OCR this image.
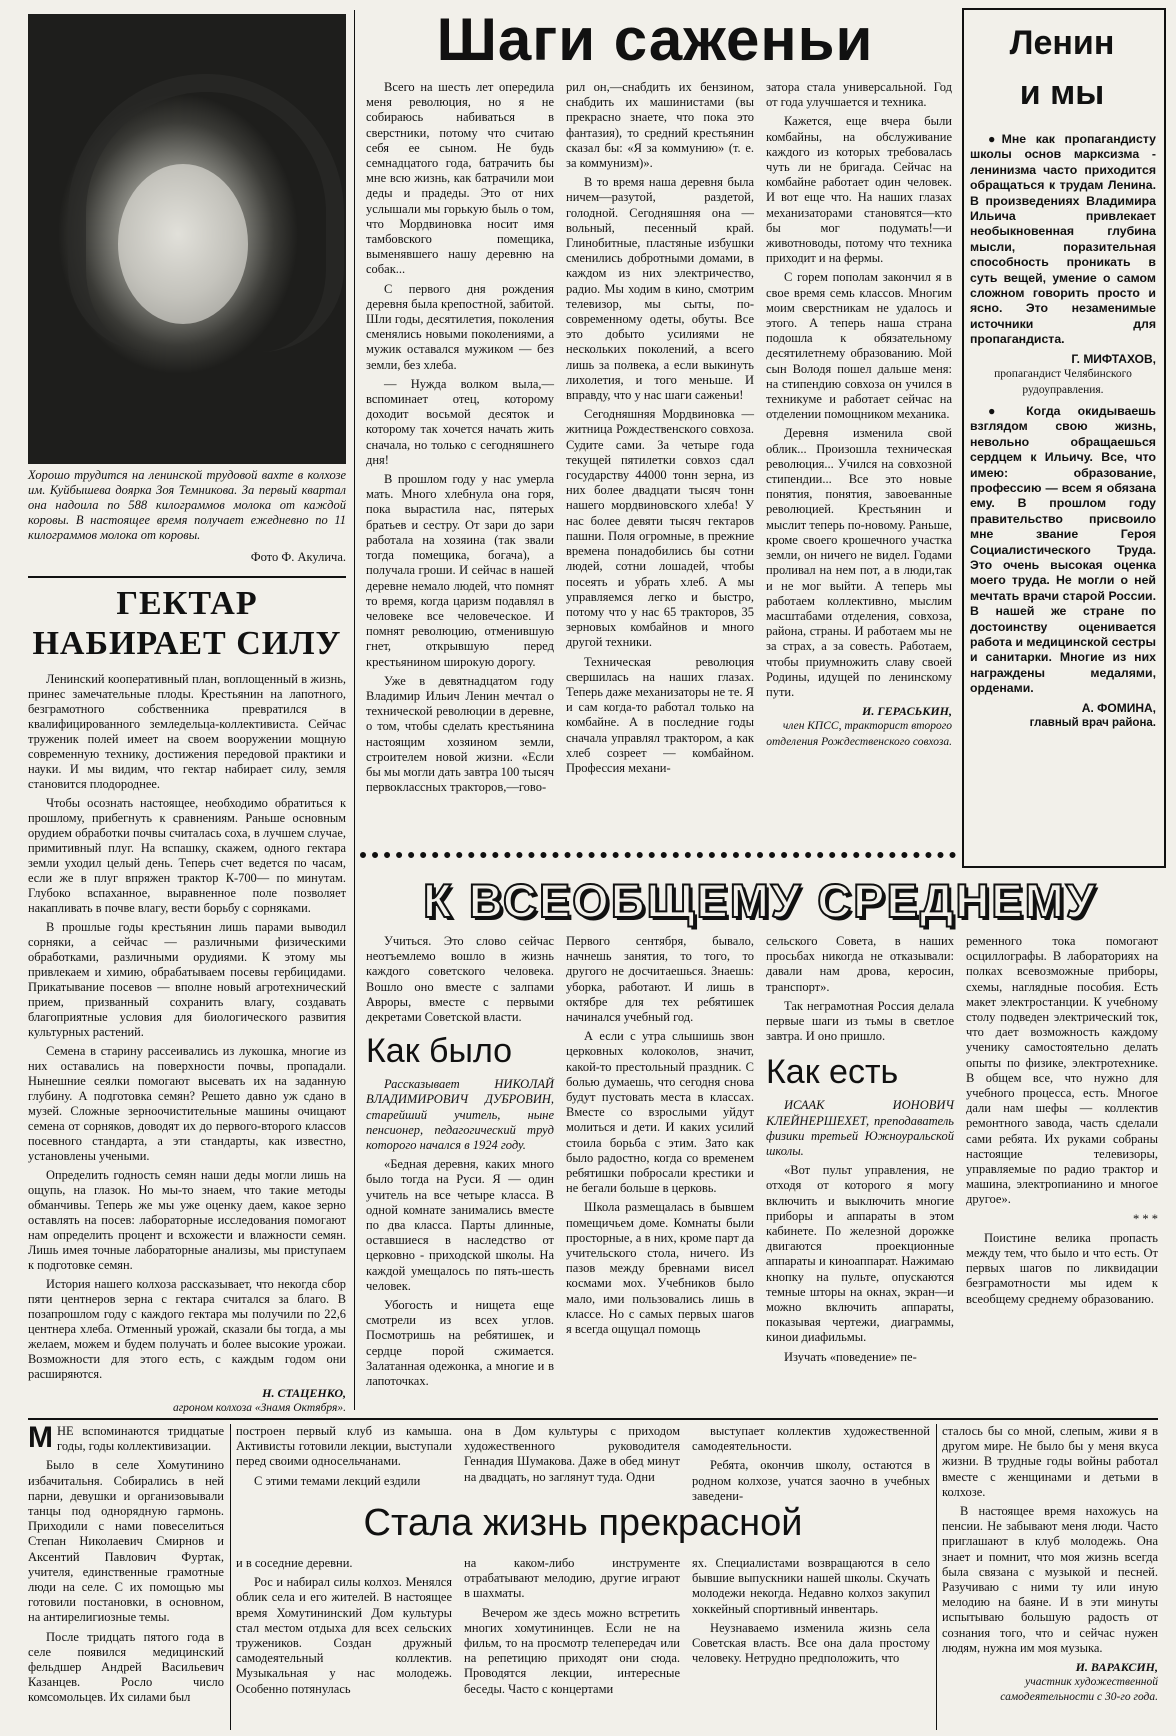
Хорошо трудится на ленинской трудовой вахте в колхозе им. Куйбышева доярка Зоя Темникова. За первый квартал она надоила по 588 килограммов молока от каждой коровы. В настоящее время получает ежедневно по 11 килограммов молока от коровы.
Фото Ф. Акулича.
Шаги саженьи

Всего на шесть лет опередила меня революция, но я не собираюсь набиваться в сверстники, потому что считаю себя ее сыном. Не будь семнадцатого года, батрачить бы мне всю жизнь, как батрачили мои деды и прадеды. Это от них услышали мы горькую быль о том, что Мордвиновка носит имя тамбовского помещика, выменявшего нашу деревню на собак...

С первого дня рождения деревня была крепостной, забитой. Шли годы, десятилетия, поколения сменялись новыми поколениями, а мужик оставался мужиком — без земли, без хлеба.

— Нужда волком выла,— вспоминает отец, которому доходит восьмой десяток и которому так хочется начать жить сначала, но только с сегодняшнего дня!

В прошлом году у нас умерла мать. Много хлебнула она горя, пока выраcтила нас, пятерых братьев и сестру. От зари до зари работала на хозяина (так звали тогда помещика, богача), а получала гроши. И сейчас в нашей деревне немало людей, что помнят то время, когда царизм подавлял в человеке все человеческое. И помнят революцию, отменившую гнет, открывшую перед крестьянином широкую дорогу.

Уже в девятнадцатом году Владимир Ильич Ленин мечтал о технической революции в деревне, о том, чтобы сделать крестьянина настоящим хозяином земли, строителем новой жизни. «Если бы мы могли дать завтра 100 тысяч первоклассных тракторов,—гово-

рил он,—снабдить их бензином, снабдить их машинистами (вы прекрасно знаете, что пока это фантазия), то средний крестьянин сказал бы: «Я за коммунию» (т. е. за коммунизм)».

В то время наша деревня была ничем—разутой, раздетой, голодной. Сегодняшняя она — вольный, песенный край. Глинобитные, пластяные избушки сменились добротными домами, в каждом из них электричество, радио. Мы ходим в кино, смотрим телевизор, мы сыты, по-современному одеты, обуты. Все это добыто усилиями не нескольких поколений, а всего лишь за полвека, а если выкинуть лихолетия, и того меньше. И вправду, что у нас шаги саженьи!

Сегодняшняя Мордвиновка — житница Рождественского совхоза. Судите сами. За четыре года текущей пятилетки совхоз сдал государству 44000 тонн зерна, из них более двадцати тысяч тонн нашего мордвиновского хлеба! У нас более девяти тысяч гектаров пашни. Поля огромные, в прежние времена понадобились бы сотни людей, сотни лошадей, чтобы посеять и убрать хлеб. А мы управляемся легко и быстро, потому что у нас 65 тракторов, 35 зерновых комбайнов и много другой техники.

Техническая революция свершилась на наших глазах. Теперь даже механизаторы не те. Я и сам когда-то работал только на комбайне. А в последние годы сначала управлял трактором, а как хлеб созреет — комбайном. Профессия механи-

затора стала универсальной. Год от года улучшается и техника.

Кажется, еще вчера были комбайны, на обслуживание каждого из которых требовалась чуть ли не бригада. Сейчас на комбайне работает один человек. И вот еще что. На наших глазах механизаторами становятся—кто бы мог подумать!—и животноводы, потому что техника приходит и на фермы.

С горем пополам закончил я в свое время семь классов. Многим моим сверстникам не удалось и этого. А теперь наша страна подошла к обязательному десятилетнему образованию. Мой сын Володя пошел дальше меня: на стипендию совхоза он учился в техникуме и работает сейчас на отделении помощником механика.

Деревня изменила свой облик... Произошла техническая революция... Учился на совхозной стипендии... Все это новые понятия, понятия, завоеванные революцией. Крестьянин и мыслит теперь по-новому. Раньше, кроме своего крошечного участка земли, он ничего не видел. Годами проливал на нем пот, а в люди,так и не мог выйти. А теперь мы работаем коллективно, мыслим масштабами отделения, совхоза, района, страны. И работаем мы не за страх, а за совесть. Работаем, чтобы приумножить славу своей Родины, идущей по ленинскому пути.

И. ГЕРАСЬКИН,
член КПСС, тракторист второго отделения Рождественского совхоза.
Ленин
и мы

●Мне как пропагандисту школы основ марксизма - ленинизма часто приходится обращаться к трудам Ленина. В произведениях Владимира Ильича привлекает необыкновенная глубина мысли, поразительная способность проникать в суть вещей, умение о самом сложном говорить просто и ясно. Это незаменимые источники для пропагандиста.

Г. МИФТАХОВ,
пропагандист Челябинского рудоуправления.

● Когда окидываешь взглядом свою жизнь, невольно обращаешься сердцем к Ильичу. Все, что имею: образование, профессию — всем я обязана ему. В прошлом году правительство присвоило мне звание Героя Социалистического Труда. Это очень высокая оценка моего труда. Не могли о ней мечтать врачи старой России. В нашей же стране по достоинству оценивается работа и медицинской сестры и санитарки. Многие из них награждены медалями, орденами.

А. ФОМИНА,
главный врач района.
ГЕКТАР
НАБИРАЕТ СИЛУ

Ленинский кооперативный план, воплощенный в жизнь, принес замечательные плоды. Крестьянин на лапотного, безграмотного собственника превратился в квалифицированного земледельца-коллективиста. Сейчас труженик полей имеет на своем вооружении мощную современную технику, достижения передовой практики и науки. И мы видим, что гектар набирает силу, земля становится плодороднее.

Чтобы осознать настоящее, необходимо обратиться к прошлому, прибегнуть к сравнениям. Раньше основным орудием обработки почвы считалась соха, в лучшем случае, примитивный плуг. На вспашку, скажем, одного гектара земли уходил целый день. Теперь счет ведется по часам, если же в плуг впряжен трактор К-700— по минутам. Глубоко вспаханное, выравненное поле позволяет накапливать в почве влагу, вести борьбу с сорняками.

В прошлые годы крестьянин лишь парами выводил сорняки, а сейчас — различными физическими обработками, различными орудиями. К этому мы привлекаем и химию, обрабатываем посевы гербицидами. Прикатывание посевов — вполне новый агротехнический прием, призванный сохранить влагу, создавать благоприятные условия для биологического развития культурных растений.

Семена в старину рассеивались из лукошка, многие из них оставались на поверхности почвы, пропадали. Нынешние сеялки помогают высевать их на заданную глубину. А подготовка семян? Решето давно уж сдано в музей. Сложные зерноочистительные машины очищают семена от сорняков, доводят их до первого-второго классов посевного стандарта, а эти стандарты, как известно, установлены учеными.

Определить годность семян наши деды могли лишь на ощупь, на глазок. Но мы-то знаем, что такие методы обманчивы. Теперь же мы уже оценку даем, какое зерно оставлять на посев: лабораторные исследования помогают нам определить процент и всхожести и влажности семян. Лишь имея точные лабораторные анализы, мы приступаем к подготовке семян.

История нашего колхоза рассказывает, что некогда сбор пяти центнеров зерна с гектара считался за благо. В позапрошлом году с каждого гектара мы получили по 22,6 центнера хлеба. Отменный урожай, сказали бы тогда, а мы желаем, можем и будем получать и более высокие урожаи. Возможности для этого есть, с каждым годом они расширяются.

Н. СТАЦЕНКО,
агроном колхоза «Знамя Октября».
К ВСЕОБЩЕМУ СРЕДНЕМУ

Учиться. Это слово сейчас неотъемлемо вошло в жизнь каждого советского человека. Вошло оно вместе с залпами Авроры, вместе с первыми декретами Советской власти.

Как было

Рассказывает НИКОЛАЙ ВЛАДИМИРОВИЧ ДУБРОВИН, старейший учитель, ныне пенсионер, педагогический труд которого начался в 1924 году.

«Бедная деревня, каких много было тогда на Руси. Я — один учитель на все четыре класса. В одной комнате занимались вместе по два класса. Парты длинные, оставшиеся в наследство от церковно - приходской школы. На каждой умещалось по пять-шесть человек.

Убогость и нищета еще смотрели из всех углов. Посмотришь на ребятишек, и сердце порой сжимается. Залатанная одежонка, а многие и в лапоточках.

Первого сентября, бывало, начнешь занятия, то того, то другого не досчитаешься. Знаешь: уборка, работают. И лишь в октябре для тех ребятишек начинался учебный год.

А если с утра слышишь звон церковных колоколов, значит, какой-то престольный праздник. С болью думаешь, что сегодня снова будут пустовать места в классах. Вместе со взрослыми уйдут молиться и дети. И каких усилий стоила борьба с этим. Зато как было радостно, когда со временем ребятишки побросали крестики и не бегали больше в церковь.

Школа размещалась в бывшем помещичьем доме. Комнаты были просторные, а в них, кроме парт да учительского стола, ничего. Из пазов между бревнами висел космами мох. Учебников было мало, ими пользовались лишь в классе. Но с самых первых шагов я всегда ощущал помощь

сельского Совета, в наших просьбах никогда не отказывали: давали нам дрова, керосин, транспорт».

Так неграмотная Россия делала первые шаги из тьмы в светлое завтра. И оно пришло.

Как есть

ИСААК ИОНОВИЧ КЛЕЙНЕРШЕХЕТ, преподаватель физики третьей Южноуральской школы.

«Вот пульт управления, не отходя от которого я могу включить и выключить многие приборы и аппараты в этом кабинете. По железной дорожке двигаются проекционные аппараты и киноаппарат. Нажимаю кнопку на пульте, опускаются темные шторы на окнах, экран—и можно включить аппараты, показывая чертежи, диаграммы, кинои диафильмы.

Изучать «поведение» пе-

ременного тока помогают осциллографы. В лабораториях на полках всевозможные приборы, схемы, наглядные пособия. Есть макет электростанции. К учебному столу подведен электрический ток, что дает возможность каждому ученику самостоятельно делать опыты по физике, электротехнике. В общем все, что нужно для учебного процесса, есть. Многое дали нам шефы — коллектив ремонтного завода, часть сделали сами ребята. Их руками собраны настоящие телевизоры, управляемые по радио трактор и машина, электропианино и многое другое».

* * *

Поистине велика пропасть между тем, что было и что есть. От первых шагов по ликвидации безграмотности мы идем к всеобщему среднему образованию.

МНЕ вспоминаются тридцатые годы, годы коллективизации.

Было в селе Хомутинино избачитальня. Собирались в ней парни, девушки и организовывали танцы под однорядную гармонь. Приходили с нами повеселиться Степан Николаевич Смирнов и Аксентий Павлович Фуртак, учителя, единственные грамотные люди на селе. С их помощью мы готовили постановки, в основном, на антирелигиозные темы.

После тридцать пятого года в селе появился медицинский фельдшер Андрей Васильевич Казанцев. Росло число комсомольцев. Их силами был

построен первый клуб из камыша. Активисты готовили лекции, выступали перед своими односельчанами.

С этими темами лекций ездили

она в Дом культуры с приходом художественного руководителя Геннадия Шумакова. Даже в обед минут на двадцать, но заглянут туда. Одни

выступает коллектив художественной самодеятельности.

Ребята, окончив школу, остаются в родном колхозе, учатся заочно в учебных заведени-

Стала жизнь прекрасной

и в соседние деревни.

Рос и набирал силы колхоз. Менялся облик села и его жителей. В настоящее время Хомутининский Дом культуры стал местом отдыха для всех сельских тружеников. Создан дружный самодеятельный коллектив. Музыкальная у нас молодежь. Особенно потянулась

на каком-либо инструменте отрабатывают мелодию, другие играют в шахматы.

Вечером же здесь можно встретить многих хомутининцев. Если не на фильм, то на просмотр телепередач или на репетицию приходят они сюда. Проводятся лекции, интересные беседы. Часто с концертами

ях. Специалистами возвращаются в село бывшие выпускники нашей школы. Скучать молодежи некогда. Недавно колхоз закупил хоккейный спортивный инвентарь.

Неузнаваемо изменила жизнь села Советская власть. Все она дала простому человеку. Нетрудно предположить, что

сталось бы со мной, слепым, живи я в другом мире. Не было бы у меня вкуса жизни. В трудные годы войны работал вместе с женщинами и детьми в колхозе.

В настоящее время нахожусь на пенсии. Не забывают меня люди. Часто приглашают в клуб молодежь. Она знает и помнит, что моя жизнь всегда была связана с музыкой и песней. Разучиваю с ними ту или иную мелодию на баяне. И в эти минуты испытываю большую радость от сознания того, что и сейчас нужен людям, нужна им моя музыка.

И. ВАРАКСИН,
участник художественной самодеятельности с 30-го года.
